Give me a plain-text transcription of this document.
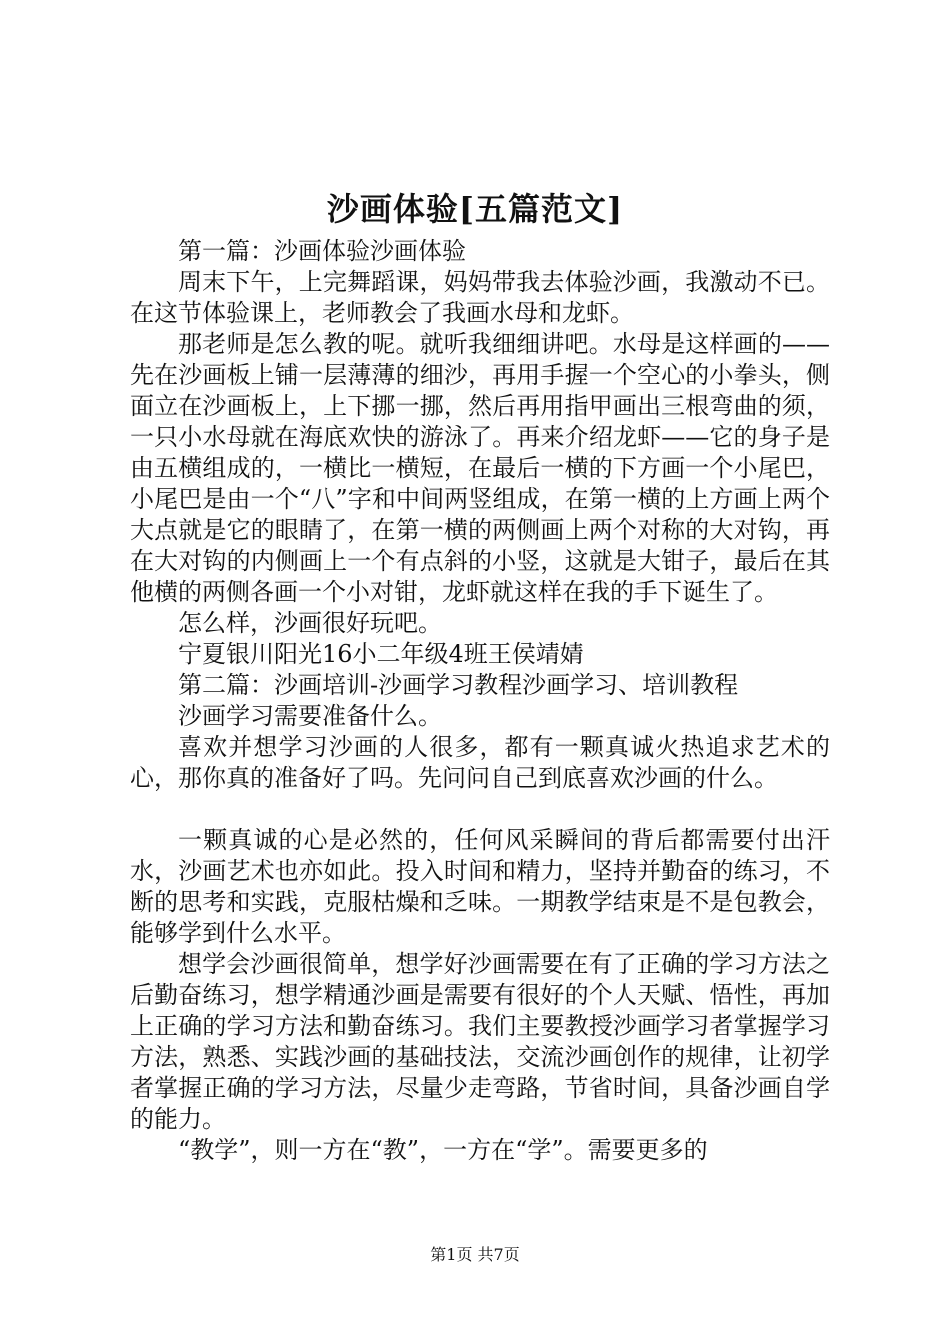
沙画体验[五篇范文]

第一篇：沙画体验沙画体验

周末下午，上完舞蹈课，妈妈带我去体验沙画，我激动不已。在这节体验课上，老师教会了我画水母和龙虾。

那老师是怎么教的呢。就听我细细讲吧。水母是这样画的——先在沙画板上铺一层薄薄的细沙，再用手握一个空心的小拳头，侧面立在沙画板上，上下挪一挪，然后再用指甲画出三根弯曲的须，一只小水母就在海底欢快的游泳了。再来介绍龙虾——它的身子是由五横组成的，一横比一横短，在最后一横的下方画一个小尾巴，小尾巴是由一个“八”字和中间两竖组成，在第一横的上方画上两个大点就是它的眼睛了，在第一横的两侧画上两个对称的大对钩，再在大对钩的内侧画上一个有点斜的小竖，这就是大钳子，最后在其他横的两侧各画一个小对钳，龙虾就这样在我的手下诞生了。

怎么样，沙画很好玩吧。

宁夏银川阳光16小二年级4班王侯靖婧

第二篇：沙画培训-沙画学习教程沙画学习、培训教程

沙画学习需要准备什么。

喜欢并想学习沙画的人很多，都有一颗真诚火热追求艺术的心，那你真的准备好了吗。先问问自己到底喜欢沙画的什么。

一颗真诚的心是必然的，任何风采瞬间的背后都需要付出汗水，沙画艺术也亦如此。投入时间和精力，坚持并勤奋的练习，不断的思考和实践，克服枯燥和乏味。一期教学结束是不是包教会，能够学到什么水平。

想学会沙画很简单，想学好沙画需要在有了正确的学习方法之后勤奋练习，想学精通沙画是需要有很好的个人天赋、悟性，再加上正确的学习方法和勤奋练习。我们主要教授沙画学习者掌握学习方法，熟悉、实践沙画的基础技法，交流沙画创作的规律，让初学者掌握正确的学习方法，尽量少走弯路，节省时间，具备沙画自学的能力。

“教学”，则一方在“教”，一方在“学”。需要更多的

第1页 共7页
